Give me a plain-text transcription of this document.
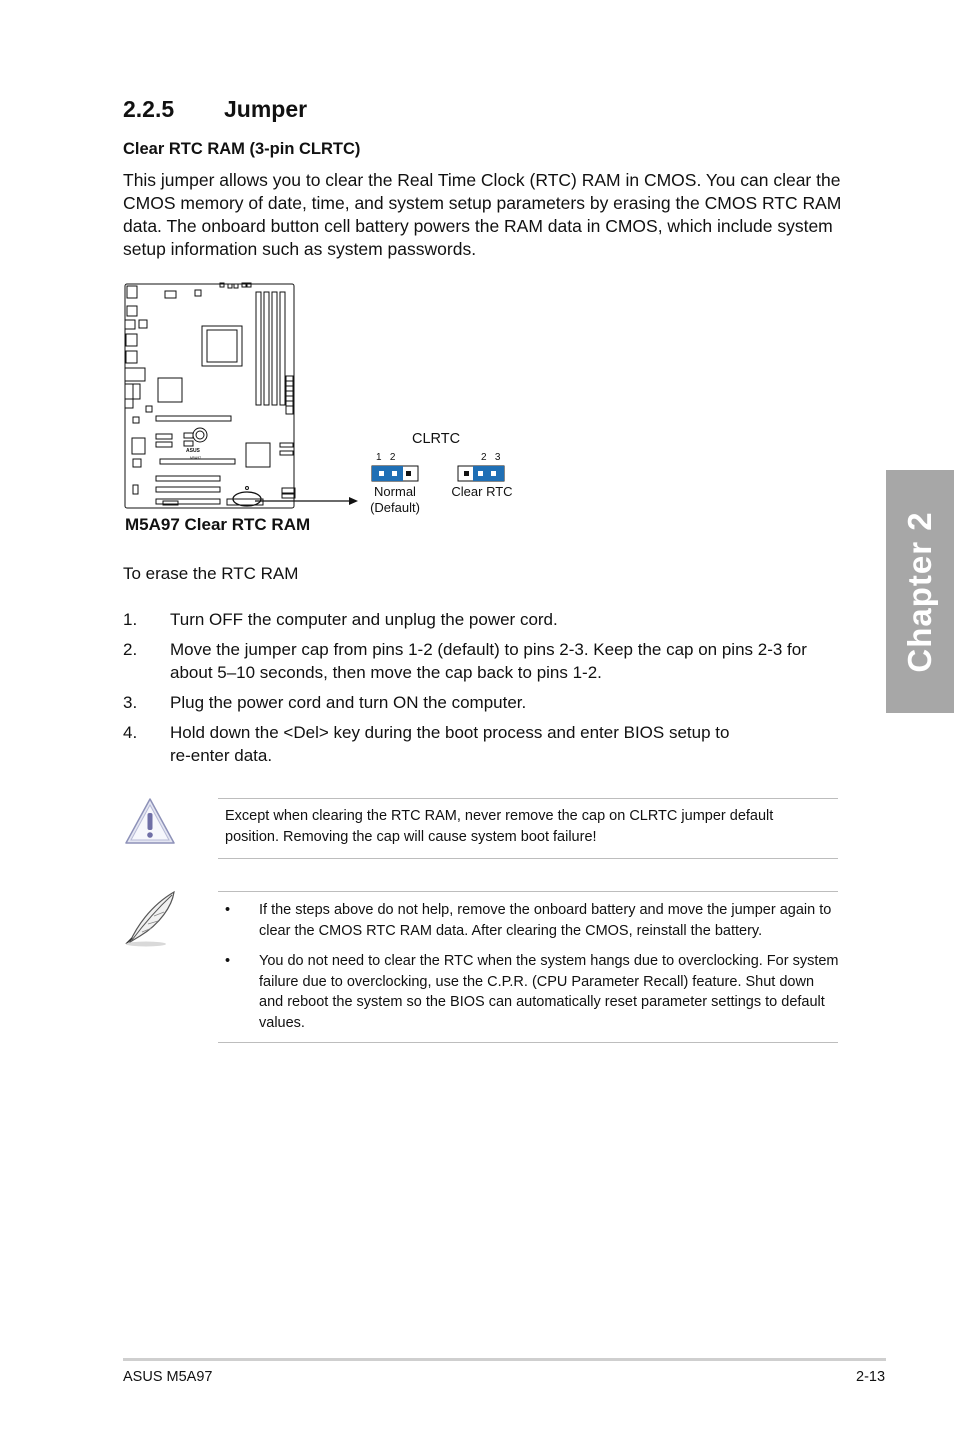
2.2.5 Jumper
Clear RTC RAM (3-pin CLRTC)
This jumper allows you to clear the Real Time Clock (RTC) RAM in CMOS. You can clear the CMOS memory of date, time, and system setup parameters by erasing the CMOS RTC RAM data. The onboard button cell battery powers the RAM data in CMOS, which include system setup information such as system passwords.
ASUS
M5A97
CLRTC
1   2	2   3
Normal
(Default)
Clear RTC
M5A97 Clear RTC RAM
To erase the RTC RAM
1. Turn OFF the computer and unplug the power cord.
2. Move the jumper cap from pins 1-2 (default) to pins 2-3. Keep the cap on pins 2-3 for about 5–10 seconds, then move the cap back to pins 1-2.
3. Plug the power cord and turn ON the computer.
4. Hold down the <Del> key during the boot process and enter BIOS setup to re-enter data.
Except when clearing the RTC RAM, never remove the cap on CLRTC jumper default position. Removing the cap will cause system boot failure!
• If the steps above do not help, remove the onboard battery and move the jumper again to clear the CMOS RTC RAM data. After clearing the CMOS, reinstall the battery.
• You do not need to clear the RTC when the system hangs due to overclocking. For system failure due to overclocking, use the C.P.R. (CPU Parameter Recall) feature. Shut down and reboot the system so the BIOS can automatically reset parameter settings to default values.
Chapter 2
ASUS M5A97	2-13
